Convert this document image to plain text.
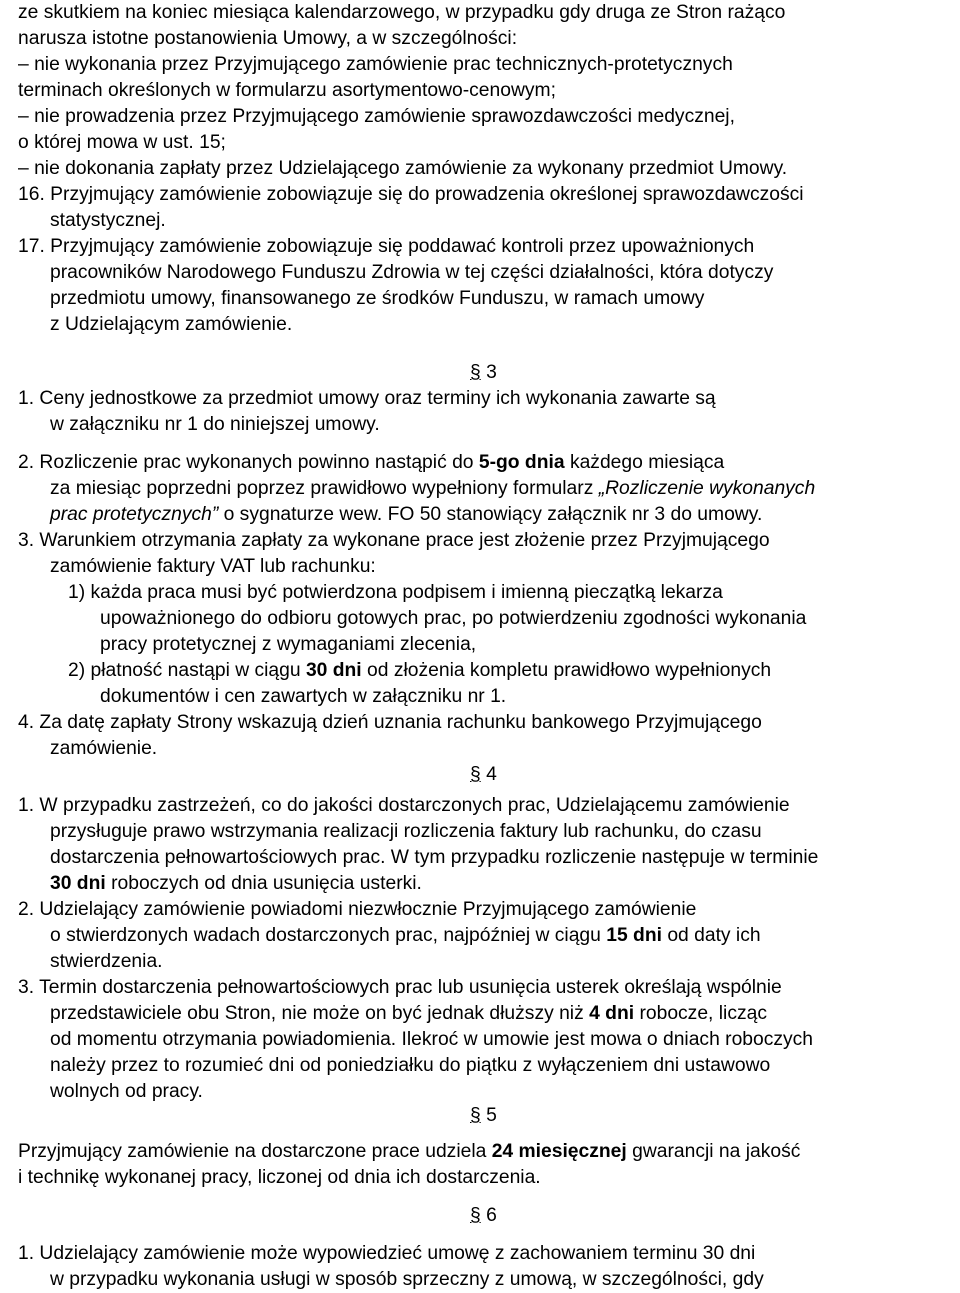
ze skutkiem na koniec miesiąca kalendarzowego, w przypadku gdy druga ze Stron rażąco
narusza istotne postanowienia Umowy, a w szczególności:
– nie wykonania przez Przyjmującego zamówienie prac technicznych-protetycznych
terminach określonych w formularzu asortymentowo-cenowym;
– nie prowadzenia przez Przyjmującego zamówienie sprawozdawczości medycznej,
o której mowa w ust. 15;
– nie dokonania zapłaty przez Udzielającego zamówienie za wykonany przedmiot Umowy.
16. Przyjmujący zamówienie zobowiązuje się do prowadzenia określonej sprawozdawczości
statystycznej.
17. Przyjmujący zamówienie zobowiązuje się poddawać kontroli przez upoważnionych
pracowników Narodowego Funduszu Zdrowia w tej części działalności, która dotyczy
przedmiotu umowy, finansowanego ze środków Funduszu, w ramach umowy
z Udzielającym zamówienie.
§ 3
1. Ceny jednostkowe za przedmiot umowy oraz terminy ich wykonania zawarte są
w załączniku nr 1 do niniejszej umowy.
2. Rozliczenie prac wykonanych powinno nastąpić do 5-go dnia każdego miesiąca
za miesiąc poprzedni poprzez prawidłowo wypełniony formularz „Rozliczenie wykonanych
prac protetycznych” o sygnaturze wew. FO 50 stanowiący załącznik nr 3 do umowy.
3. Warunkiem otrzymania zapłaty za wykonane prace jest złożenie przez Przyjmującego
zamówienie faktury VAT lub rachunku:
1) każda praca musi być potwierdzona podpisem i imienną pieczątką lekarza
upoważnionego do odbioru gotowych prac, po potwierdzeniu zgodności wykonania
pracy protetycznej z wymaganiami zlecenia,
2) płatność nastąpi w ciągu 30 dni od złożenia kompletu prawidłowo wypełnionych
dokumentów i cen zawartych w załączniku nr 1.
4. Za datę zapłaty Strony wskazują dzień uznania rachunku bankowego Przyjmującego
zamówienie.
§ 4
1. W przypadku zastrzeżeń, co do jakości dostarczonych prac, Udzielającemu zamówienie
przysługuje prawo wstrzymania realizacji rozliczenia faktury lub rachunku, do czasu
dostarczenia pełnowartościowych prac. W tym przypadku rozliczenie następuje w terminie
30 dni roboczych od dnia usunięcia usterki.
2. Udzielający zamówienie powiadomi niezwłocznie Przyjmującego zamówienie
o stwierdzonych wadach dostarczonych prac, najpóźniej w ciągu 15 dni od daty ich
stwierdzenia.
3. Termin dostarczenia pełnowartościowych prac lub usunięcia usterek określają wspólnie
przedstawiciele obu Stron, nie może on być jednak dłuższy niż 4 dni robocze, licząc
od momentu otrzymania powiadomienia. Ilekroć w umowie jest mowa o dniach roboczych
należy przez to rozumieć dni od poniedziałku do piątku z wyłączeniem dni ustawowo
wolnych od pracy.
§ 5
Przyjmujący zamówienie na dostarczone prace udziela 24 miesięcznej gwarancji na jakość
i technikę wykonanej pracy, liczonej od dnia ich dostarczenia.
§ 6
1. Udzielający zamówienie może wypowiedzieć umowę z zachowaniem terminu 30 dni
w przypadku wykonania usługi w sposób sprzeczny z umową, w szczególności, gdy
